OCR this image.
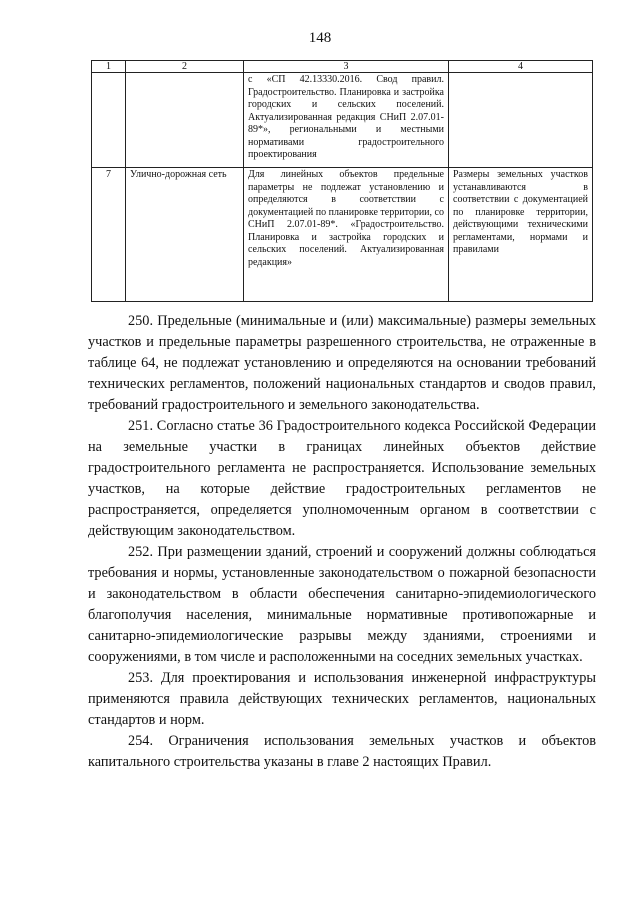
148
1	2	3	4
		с «СП 42.13330.2016. Свод правил. Градостроительство. Планировка и застройка городских и сельских поселений. Актуализированная редакция СНиП 2.07.01-89*», региональными и местными нормативами градостроительного проектирования	
7	Улично-дорожная сеть	Для линейных объектов предельные параметры не подлежат установлению и определяются в соответствии с документацией по планировке территории, со СНиП 2.07.01-89*. «Градостроительство. Планировка и застройка городских и сельских поселений. Актуализированная редакция»	Размеры земельных участков устанавливаются в соответствии с документацией по планировке территории, действующими техническими регламентами, нормами и правилами

250. Предельные (минимальные и (или) максимальные) размеры земельных участков и предельные параметры разрешенного строительства, не отраженные в таблице 64, не подлежат установлению и определяются на основании требований технических регламентов, положений национальных стандартов и сводов правил, требований градостроительного и земельного законодательства.

251. Согласно статье 36 Градостроительного кодекса Российской Федерации на земельные участки в границах линейных объектов действие градостроительного регламента не распространяется. Использование земельных участков, на которые действие градостроительных регламентов не распространяется, определяется уполномоченным органом в соответствии с действующим законодательством.

252. При размещении зданий, строений и сооружений должны соблюдаться требования и нормы, установленные законодательством о пожарной безопасности и законодательством в области обеспечения санитарно-эпидемиологического благополучия населения, минимальные нормативные противопожарные и санитарно-эпидемиологические разрывы между зданиями, строениями и сооружениями, в том числе и расположенными на соседних земельных участках.

253. Для проектирования и использования инженерной инфраструктуры применяются правила действующих технических регламентов, национальных стандартов и норм.

254. Ограничения использования земельных участков и объектов капитального строительства указаны в главе 2 настоящих Правил.
